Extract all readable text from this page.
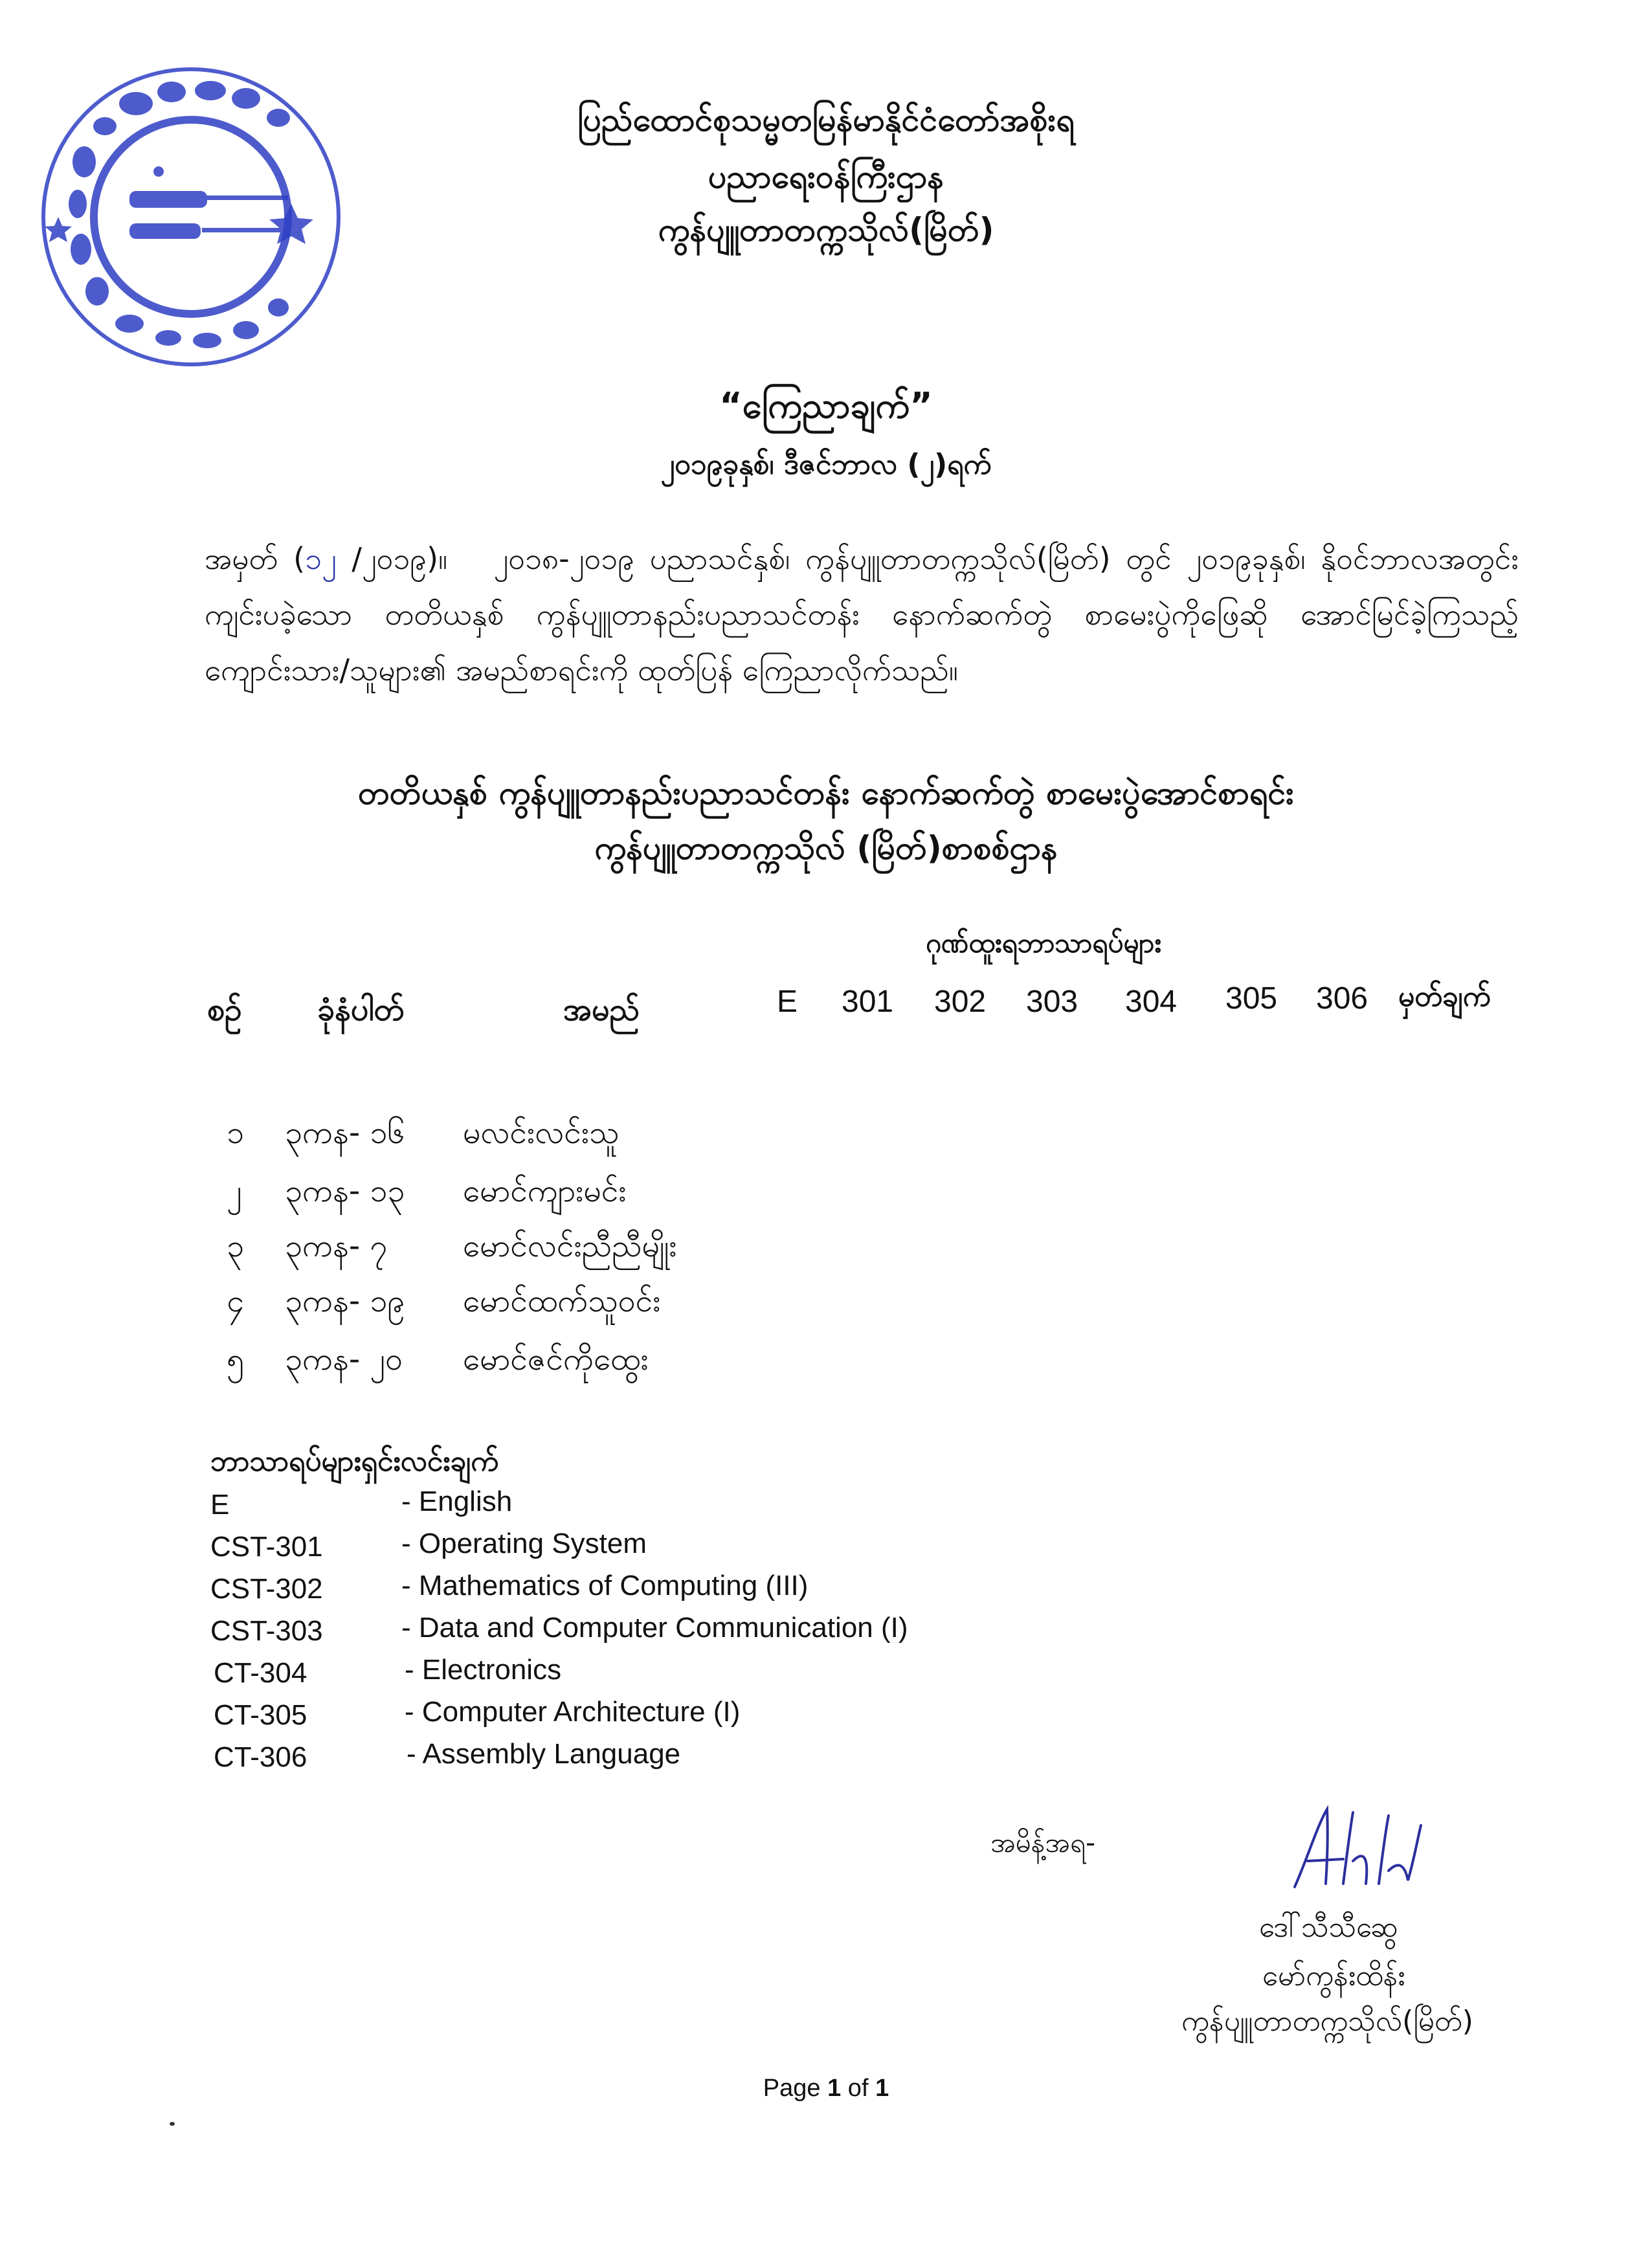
ပြည်ထောင်စုသမ္မတမြန်မာနိုင်ငံတော်အစိုးရ
ပညာရေးဝန်ကြီးဌာန
ကွန်ပျူတာတက္ကသိုလ်(မြိတ်)
“ကြေညာချက်”
၂၀၁၉ခုနှစ်၊ ဒီဇင်ဘာလ (၂)ရက်
အမှတ် (၁၂ /၂၀၁၉)။ ၂၀၁၈-၂၀၁၉ ပညာသင်နှစ်၊ ကွန်ပျူတာတက္ကသိုလ်(မြိတ်) တွင် ၂၀၁၉ခုနှစ်၊ နိုဝင်ဘာလအတွင်း ကျင်းပခဲ့သော တတိယနှစ် ကွန်ပျူတာနည်းပညာသင်တန်း နောက်ဆက်တွဲ စာမေးပွဲကိုဖြေဆို အောင်မြင်ခဲ့ကြသည့် ကျောင်းသား/သူများ၏ အမည်စာရင်းကို ထုတ်ပြန် ကြေညာလိုက်သည်။
တတိယနှစ် ကွန်ပျူတာနည်းပညာသင်တန်း နောက်ဆက်တွဲ စာမေးပွဲအောင်စာရင်း
ကွန်ပျူတာတက္ကသိုလ် (မြိတ်)စာစစ်ဌာန
ဂုဏ်ထူးရဘာသာရပ်များ
စဥ် ခုံနံပါတ်	အမည်	E 301 302 303 304 305 306 မှတ်ချက်
၁ ၃ကန- ၁၆ မလင်းလင်းသူ
၂ ၃ကန- ၁၃ မောင်ကျားမင်း
၃ ၃ကန- ၇ မောင်လင်းညီညီမျိုး
၄ ၃ကန- ၁၉ မောင်ထက်သူဝင်း
၅ ၃ကန- ၂၀ မောင်ဇင်ကိုထွေး
ဘာသာရပ်များရှင်းလင်းချက်
E	- English
CST-301	- Operating System
CST-302	- Mathematics of Computing (III)
CST-303	- Data and Computer Communication (I)
CT-304	- Electronics
CT-305	- Computer Architecture (I)
CT-306	- Assembly Language
အမိန့်အရ-
ဒေါ်သီသီဆွေ
မော်ကွန်းထိန်း
ကွန်ပျူတာတက္ကသိုလ်(မြိတ်)
Page 1 of 1
